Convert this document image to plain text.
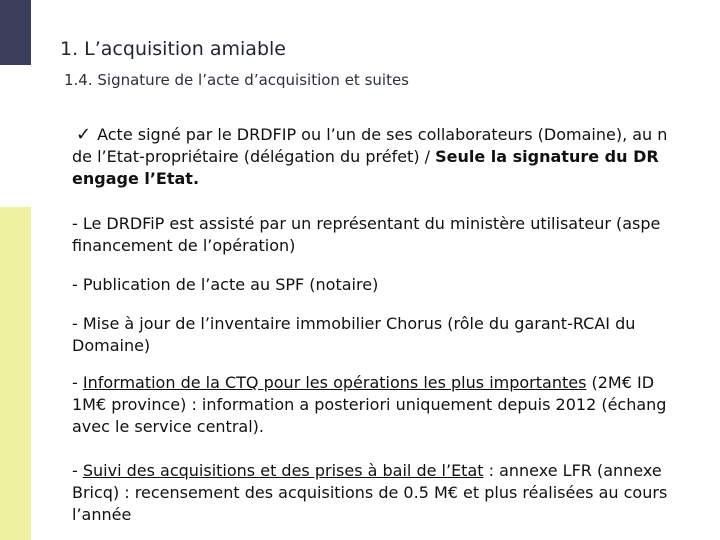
1. L’acquisition amiable
1.4. Signature de l’acte d’acquisition et suites
✓ Acte signé par le DRDFIP ou l’un de ses collaborateurs (Domaine), au n
de l’Etat-propriétaire (délégation du préfet) / Seule la signature du DR
engage l’Etat.
- Le DRDFiP est assisté par un représentant du ministère utilisateur (aspe
financement de l’opération)
- Publication de l’acte au SPF (notaire)
- Mise à jour de l’inventaire immobilier Chorus (rôle du garant-RCAI du
Domaine)
- Information de la CTQ pour les opérations les plus importantes (2M€ ID
1M€ province) : information a posteriori uniquement depuis 2012 (échang
avec le service central).
- Suivi des acquisitions et des prises à bail de l’Etat : annexe LFR (annexe
Bricq) : recensement des acquisitions de 0.5 M€ et plus réalisées au cours
l’année
